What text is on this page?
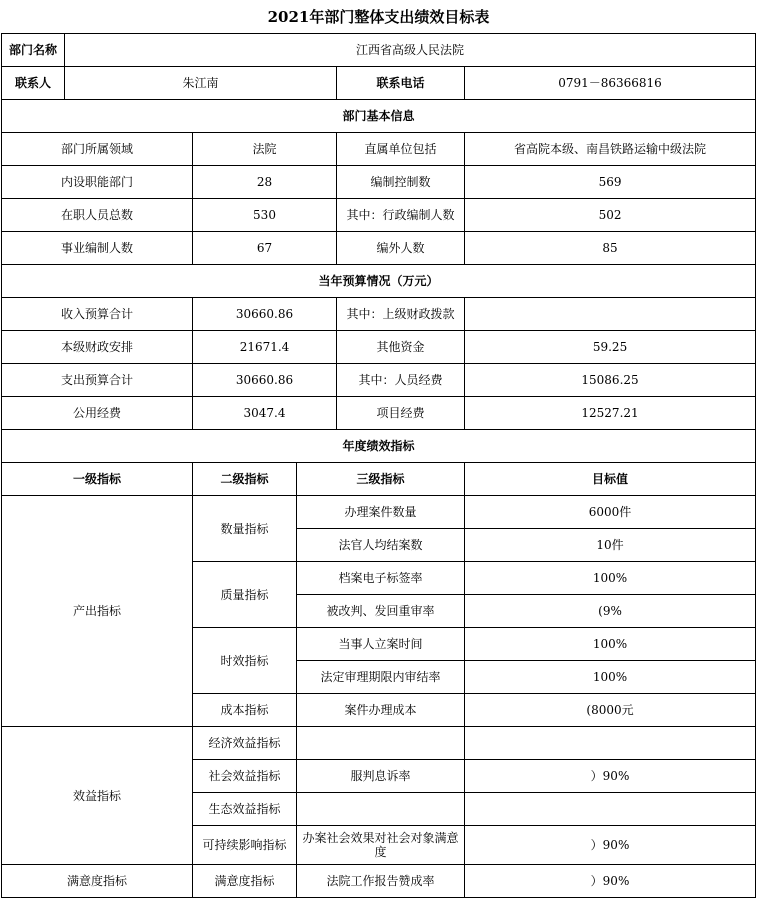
2021年部门整体支出绩效目标表
部门名称	江西省高级人民法院				
联系人	朱江南			联系电话	0791－86366816
部门基本信息					
部门所属领域		法院		直属单位包括	省高院本级、南昌铁路运输中级法院
内设职能部门		28		编制控制数	569
在职人员总数		530		其中：行政编制人数	502
事业编制人数		67		编外人数	85
当年预算情况（万元）					
收入预算合计		30660.86		其中：上级财政拨款	
本级财政安排		21671.4		其他资金	59.25
支出预算合计		30660.86		其中：人员经费	15086.25
公用经费		3047.4		项目经费	12527.21
年度绩效指标					
一级指标		二级指标	三级指标		目标值
产出指标		数量指标	办理案件数量		6000件
			法官人均结案数		10件
		质量指标	档案电子标签率		100%
			被改判、发回重审率		(9%
		时效指标	当事人立案时间		100%
			法定审理期限内审结率		100%
		成本指标	案件办理成本		(8000元
效益指标		经济效益指标			
		社会效益指标	服判息诉率		）90%
		生态效益指标			
		可持续影响指标	办案社会效果对社会对象满意度		）90%
满意度指标		满意度指标	法院工作报告赞成率		）90%
